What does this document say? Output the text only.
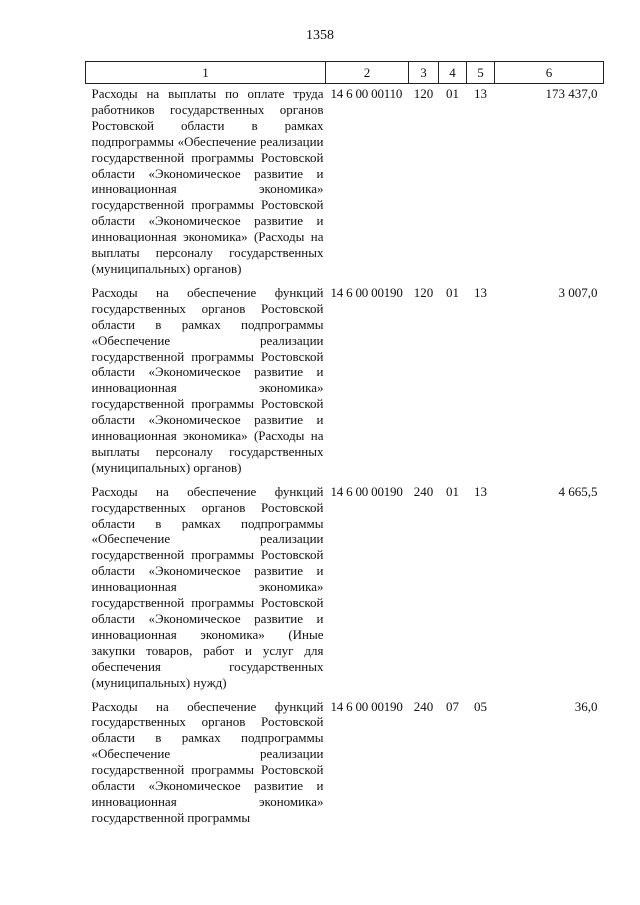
1358
1	2	3	4	5	6
Расходы на выплаты по оплате труда работников государственных органов Ростовской области в рамках подпрограммы «Обеспечение реализации государственной программы Ростовской области «Экономическое развитие и инновационная экономика» государственной программы Ростовской области «Экономическое развитие и инновационная экономика» (Расходы на выплаты персоналу государственных (муниципальных) органов)	14 6 00 00110	120	01	13	173 437,0
Расходы на обеспечение функций государственных органов Ростовской области в рамках подпрограммы «Обеспечение реализации государственной программы Ростовской области «Экономическое развитие и инновационная экономика» государственной программы Ростовской области «Экономическое развитие и инновационная экономика» (Расходы на выплаты персоналу государственных (муниципальных) органов)	14 6 00 00190	120	01	13	3 007,0
Расходы на обеспечение функций государственных органов Ростовской области в рамках подпрограммы «Обеспечение реализации государственной программы Ростовской области «Экономическое развитие и инновационная экономика» государственной программы Ростовской области «Экономическое развитие и инновационная экономика» (Иные закупки товаров, работ и услуг для обеспечения государственных (муниципальных) нужд)	14 6 00 00190	240	01	13	4 665,5
Расходы на обеспечение функций государственных органов Ростовской области в рамках подпрограммы «Обеспечение реализации государственной программы Ростовской области «Экономическое развитие и инновационная экономика» государственной программы	14 6 00 00190	240	07	05	36,0
